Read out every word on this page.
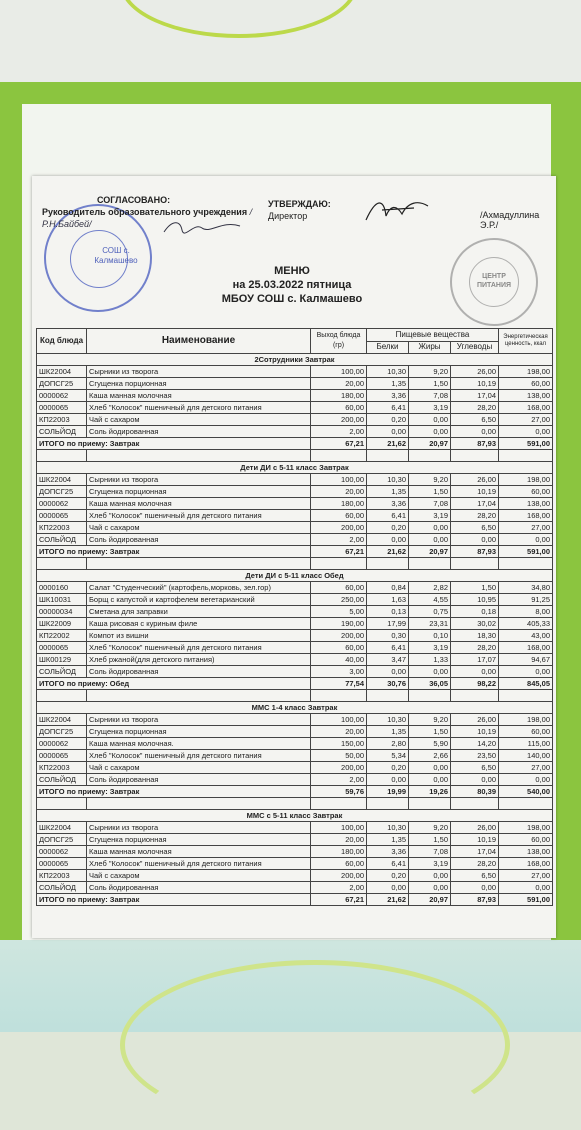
СОШ с. Калмашево
ЦЕНТР ПИТАНИЯ
СОГЛАСОВАНО:
Руководитель образовательного учреждения / Р.Н.Байбей/
УТВЕРЖДАЮ:
Директор	/Ахмадуллина Э.Р./
МЕНЮ
на 25.03.2022 пятница
МБОУ СОШ с. Калмашево
Код блюда	Наименование	Выход блюда (гр)	Пищевые вещества			Энергетическая ценность, ккал
			Белки	Жиры	Углеводы	
2Сотрудники Завтрак						
ШК22004	Сырники из творога	100,00	10,30	9,20	26,00	198,00
ДОПСГ25	Сгущенка порционная	20,00	1,35	1,50	10,19	60,00
0000062	Каша манная молочная	180,00	3,36	7,08	17,04	138,00
0000065	Хлеб "Колосок" пшеничный для детского питания	60,00	6,41	3,19	28,20	168,00
КП22003	Чай с сахаром	200,00	0,20	0,00	6,50	27,00
СОЛЬЙОД	Соль йодированная	2,00	0,00	0,00	0,00	0,00
ИТОГО по приему: Завтрак		67,21	21,62	20,97	87,93	591,00

Дети ДИ с 5-11 класс Завтрак						
ШК22004	Сырники из творога	100,00	10,30	9,20	26,00	198,00
ДОПСГ25	Сгущенка порционная	20,00	1,35	1,50	10,19	60,00
0000062	Каша манная молочная	180,00	3,36	7,08	17,04	138,00
0000065	Хлеб "Колосок" пшеничный для детского питания	60,00	6,41	3,19	28,20	168,00
КП22003	Чай с сахаром	200,00	0,20	0,00	6,50	27,00
СОЛЬЙОД	Соль йодированная	2,00	0,00	0,00	0,00	0,00
ИТОГО по приему: Завтрак		67,21	21,62	20,97	87,93	591,00

Дети ДИ с 5-11 класс Обед						
0000160	Салат "Студенческий" (картофель,морковь, зел.гор)	60,00	0,84	2,82	1,50	34,80
ШК10031	Борщ с капустой и картофелем вегетарианский	250,00	1,63	4,55	10,95	91,25
00000034	Сметана для заправки	5,00	0,13	0,75	0,18	8,00
ШК22009	Каша рисовая с куриным филе	190,00	17,99	23,31	30,02	405,33
КП22002	Компот из вишни	200,00	0,30	0,10	18,30	43,00
0000065	Хлеб "Колосок" пшеничный для детского питания	60,00	6,41	3,19	28,20	168,00
ШК00129	Хлеб ржаной(для детского питания)	40,00	3,47	1,33	17,07	94,67
СОЛЬЙОД	Соль йодированная	3,00	0,00	0,00	0,00	0,00
ИТОГО по приему: Обед		77,54	30,76	36,05	98,22	845,05

ММС 1-4 класс Завтрак						
ШК22004	Сырники из творога	100,00	10,30	9,20	26,00	198,00
ДОПСГ25	Сгущенка порционная	20,00	1,35	1,50	10,19	60,00
0000062	Каша манная молочная.	150,00	2,80	5,90	14,20	115,00
0000065	Хлеб "Колосок" пшеничный для детского питания	50,00	5,34	2,66	23,50	140,00
КП22003	Чай с сахаром	200,00	0,20	0,00	6,50	27,00
СОЛЬЙОД	Соль йодированная	2,00	0,00	0,00	0,00	0,00
ИТОГО по приему: Завтрак		59,76	19,99	19,26	80,39	540,00

ММС с 5-11 класс Завтрак						
ШК22004	Сырники из творога	100,00	10,30	9,20	26,00	198,00
ДОПСГ25	Сгущенка порционная	20,00	1,35	1,50	10,19	60,00
0000062	Каша манная молочная	180,00	3,36	7,08	17,04	138,00
0000065	Хлеб "Колосок" пшеничный для детского питания	60,00	6,41	3,19	28,20	168,00
КП22003	Чай с сахаром	200,00	0,20	0,00	6,50	27,00
СОЛЬЙОД	Соль йодированная	2,00	0,00	0,00	0,00	0,00
ИТОГО по приему: Завтрак		67,21	21,62	20,97	87,93	591,00
